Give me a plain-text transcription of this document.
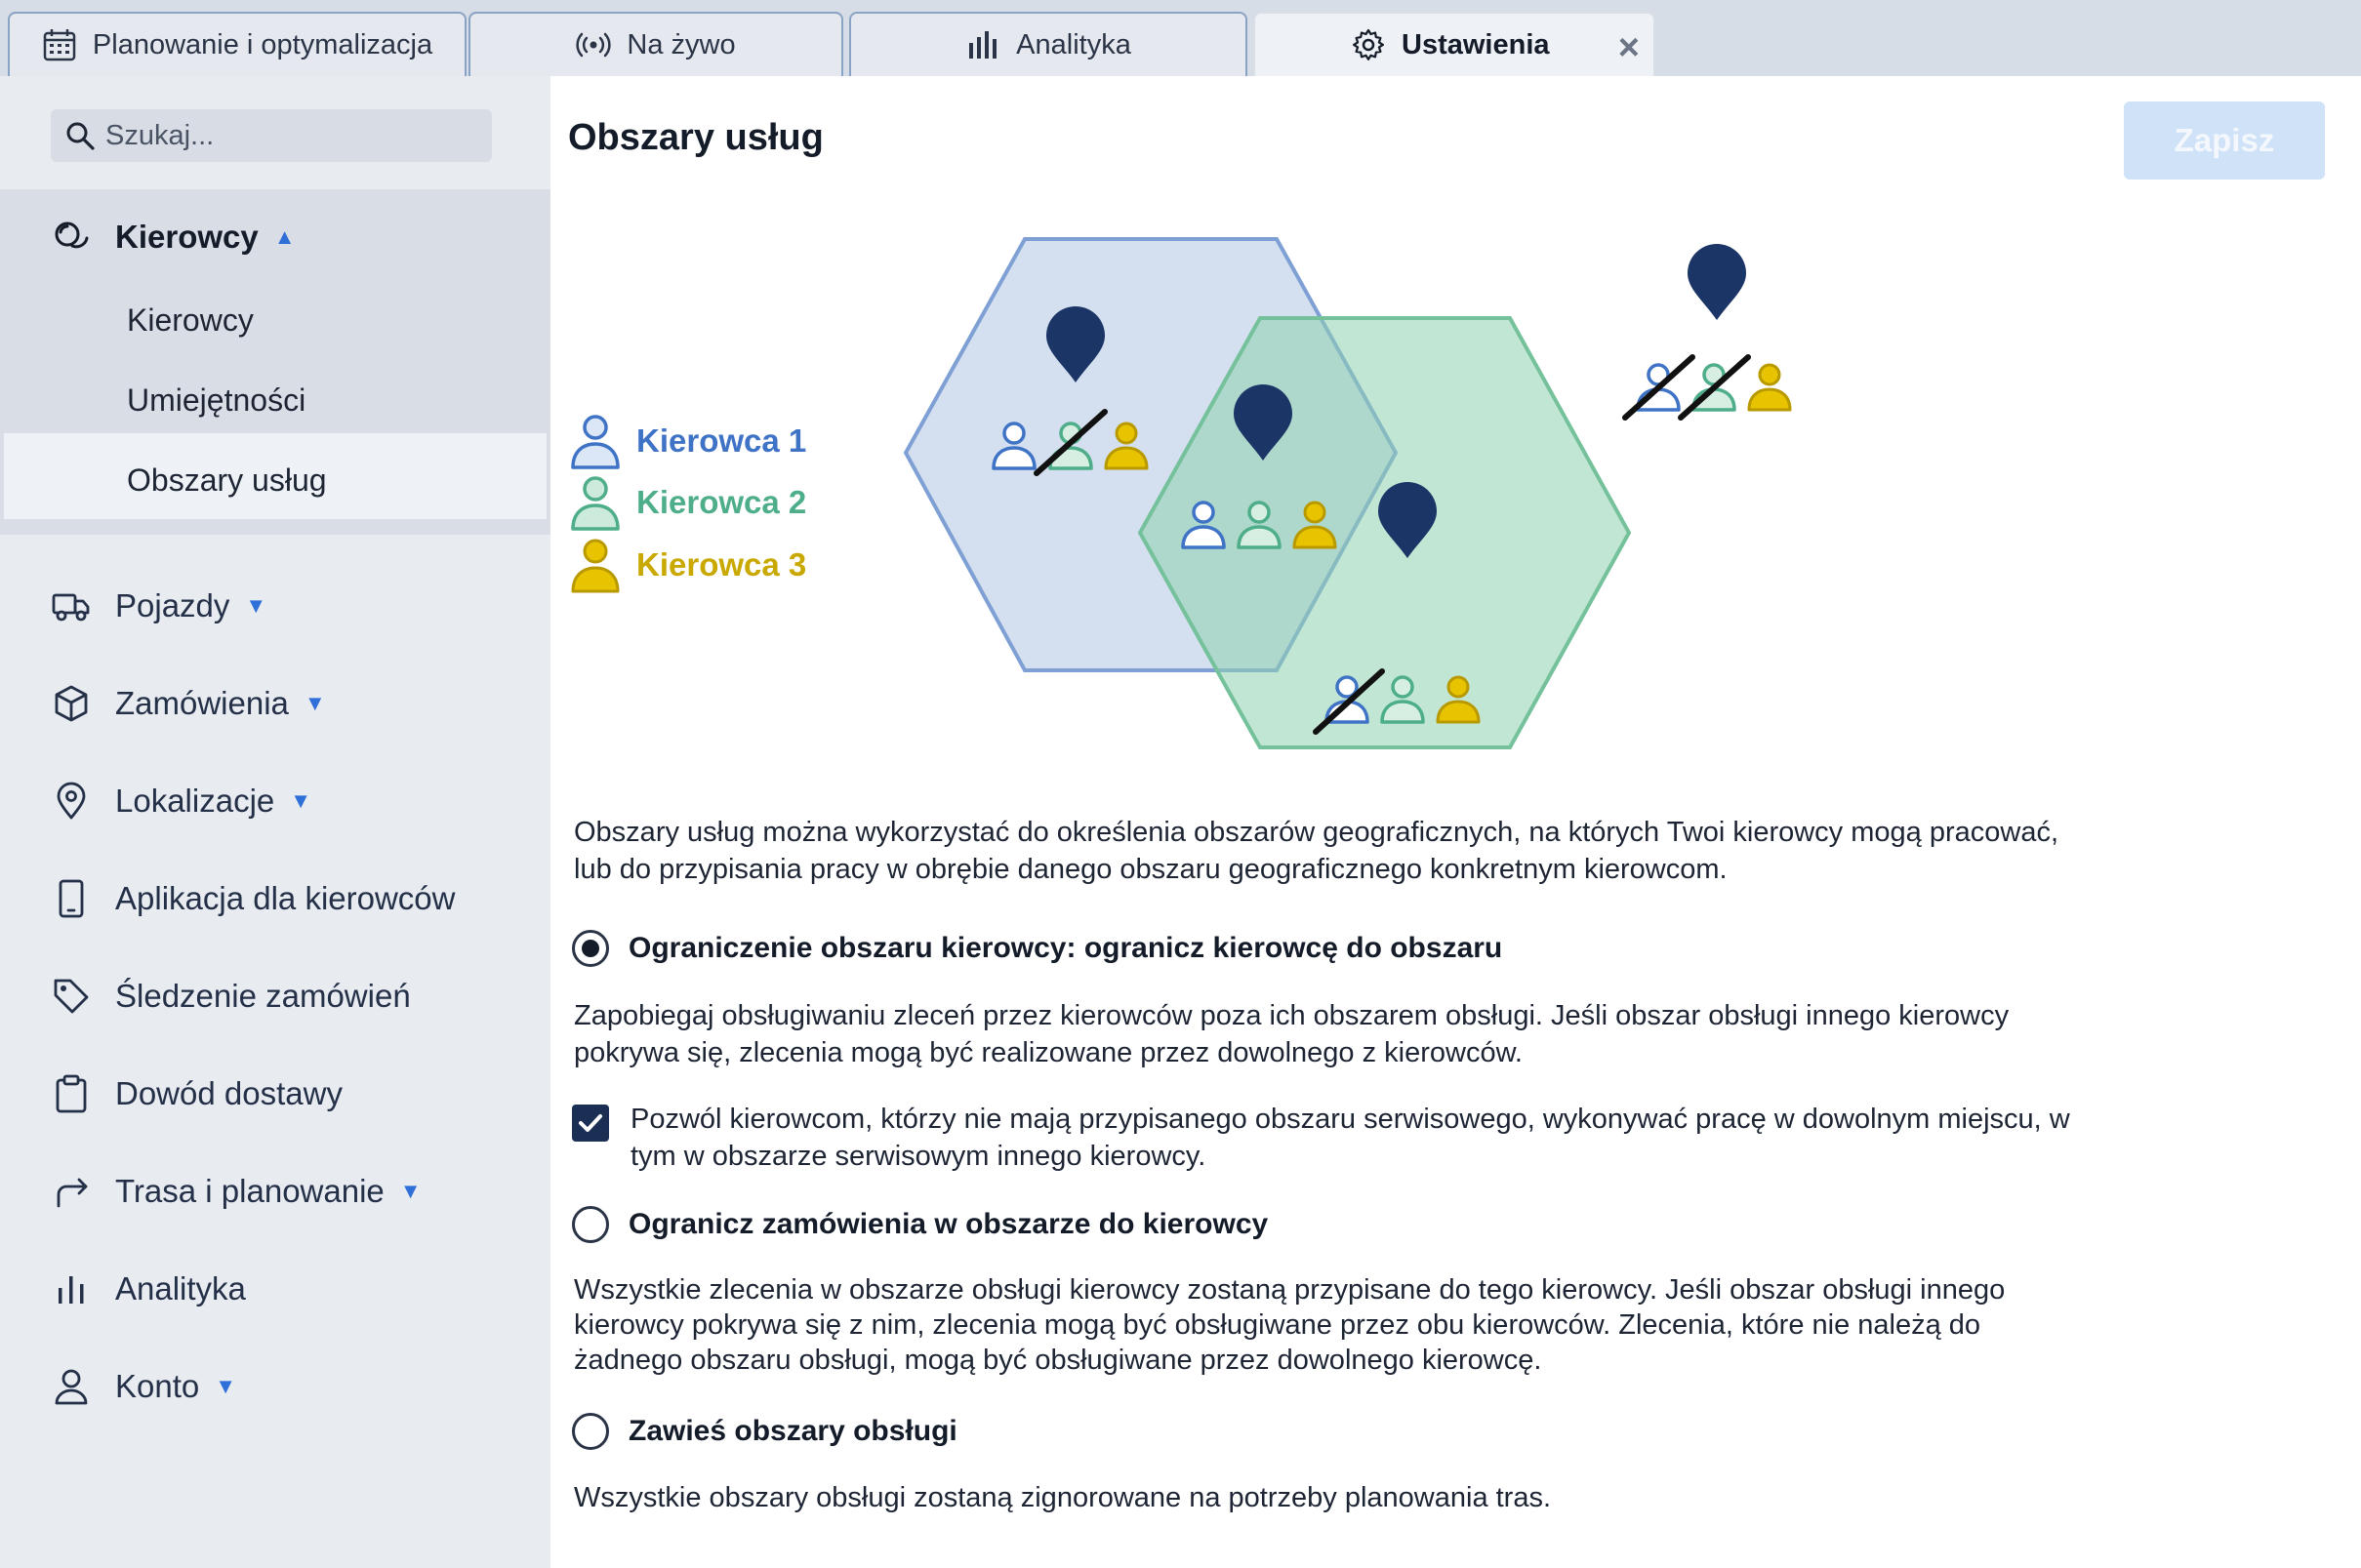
Planowanie i optymalizacja	Na żywo	Analityka	Ustawienia ×
Szukaj...
Kierowcy ▲
Kierowcy
Umiejętności
Obszary usług
Pojazdy ▼
Zamówienia ▼
Lokalizacje ▼
Aplikacja dla kierowców
Śledzenie zamówień
Dowód dostawy
Trasa i planowanie ▼
Analityka
Konto ▼
Obszary usług	Zapisz
Kierowca 1
Kierowca 2
Kierowca 3

Obszary usług można wykorzystać do określenia obszarów geograficznych, na których Twoi kierowcy mogą pracować, lub do przypisania pracy w obrębie danego obszaru geograficznego konkretnym kierowcom.

Ograniczenie obszaru kierowcy: ogranicz kierowcę do obszaru

Zapobiegaj obsługiwaniu zleceń przez kierowców poza ich obszarem obsługi. Jeśli obszar obsługi innego kierowcy pokrywa się, zlecenia mogą być realizowane przez dowolnego z kierowców.

Pozwól kierowcom, którzy nie mają przypisanego obszaru serwisowego, wykonywać pracę w dowolnym miejscu, w tym w obszarze serwisowym innego kierowcy.
Ogranicz zamówienia w obszarze do kierowcy

Wszystkie zlecenia w obszarze obsługi kierowcy zostaną przypisane do tego kierowcy. Jeśli obszar obsługi innego kierowcy pokrywa się z nim, zlecenia mogą być obsługiwane przez obu kierowców. Zlecenia, które nie należą do żadnego obszaru obsługi, mogą być obsługiwane przez dowolnego kierowcę.

Zawieś obszary obsługi

Wszystkie obszary obsługi zostaną zignorowane na potrzeby planowania tras.
